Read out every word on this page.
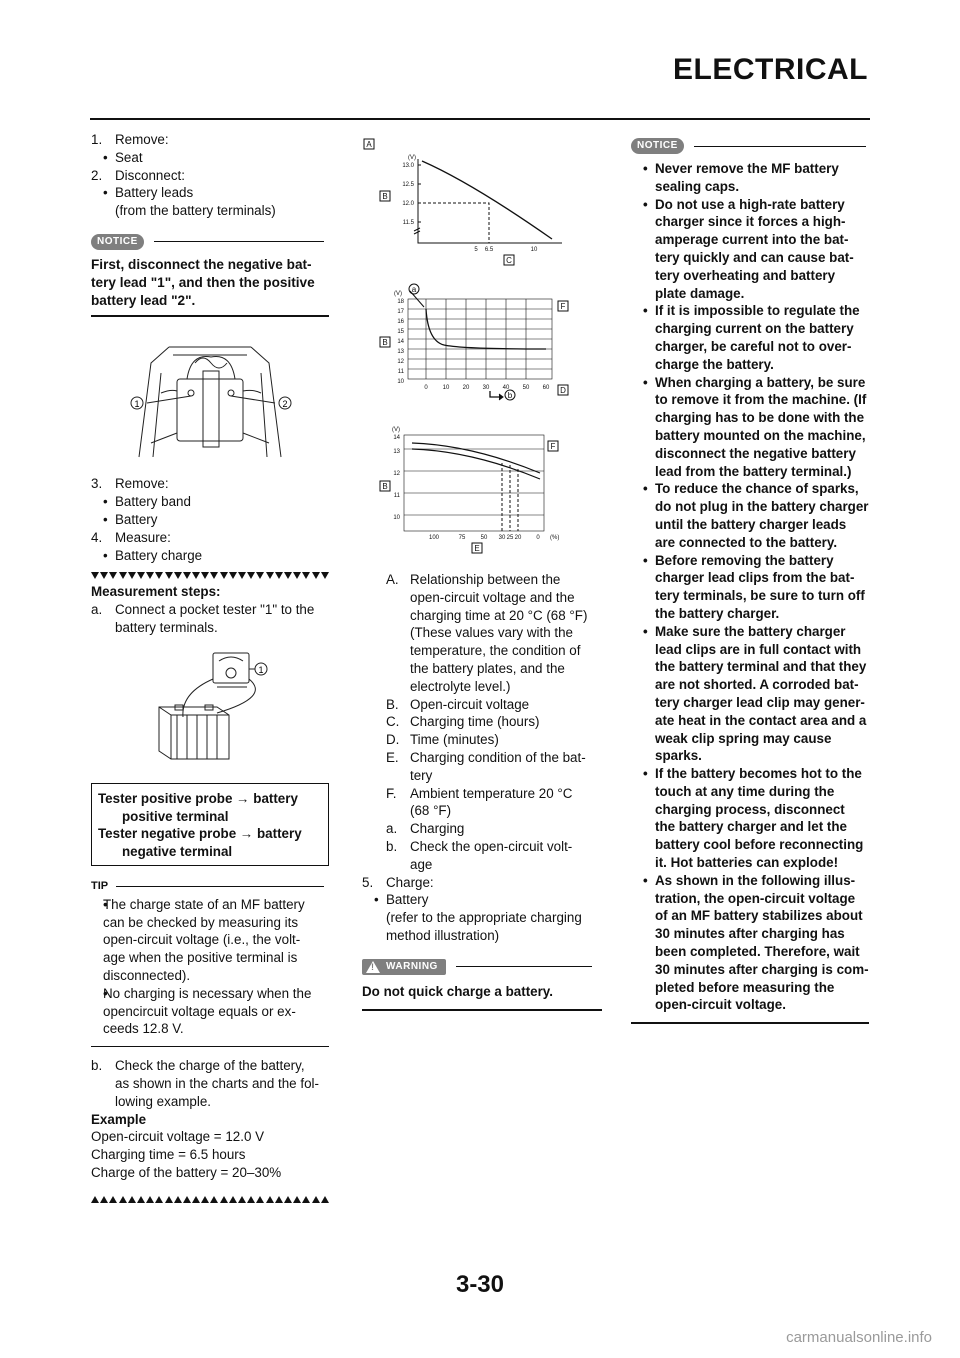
ELECTRICAL
1. Remove:
• Seat
2. Disconnect:
• Battery leads
(from the battery terminals)
NOTICE
First, disconnect the negative bat-
tery lead "1", and then the positive
battery lead "2".
1	2
3. Remove:
• Battery band
• Battery
4. Measure:
• Battery charge
Measurement steps:
a. Connect a pocket tester "1" to the
battery terminals.
1
Tester positive probe → battery
positive terminal
Tester negative probe → battery
negative terminal
TIP
• The charge state of an MF battery
can be checked by measuring its
open-circuit voltage (i.e., the volt-
age when the positive terminal is
disconnected).
• No charging is necessary when the
opencircuit voltage equals or ex-
ceeds 12.8 V.
b. Check the charge of the battery,
as shown in the charts and the fol-
lowing example.
Example
Open-circuit voltage = 12.0 V
Charging time = 6.5 hours
Charge of the battery = 20–30%
A
B
C
(V)
13.0
12.5
12.0
11.5
5 6.5	10
B
F
D
a
b
(V)
18
17
16
15
14
13
12
11
10
0 10 20 30 40 50 60
B
F
E
(V)
14
13
12
11
10
100	75	50 30 25 20 0 (%)
A. Relationship between the
open-circuit voltage and the
charging time at 20 °C (68 °F)
(These values vary with the
temperature, the condition of
the battery plates, and the
electrolyte level.)
B. Open-circuit voltage
C. Charging time (hours)
D. Time (minutes)
E. Charging condition of the bat-
tery
F. Ambient temperature 20 °C
(68 °F)
a. Charging
b. Check the open-circuit volt-
age
5. Charge:
• Battery
(refer to the appropriate charging
method illustration)
!
WARNING
Do not quick charge a battery.
NOTICE
• Never remove the MF battery
sealing caps.
• Do not use a high-rate battery
charger since it forces a high-
amperage current into the bat-
tery quickly and can cause bat-
tery overheating and battery
plate damage.
• If it is impossible to regulate the
charging current on the battery
charger, be careful not to over-
charge the battery.
• When charging a battery, be sure
to remove it from the machine. (If
charging has to be done with the
battery mounted on the machine,
disconnect the negative battery
lead from the battery terminal.)
• To reduce the chance of sparks,
do not plug in the battery charger
until the battery charger leads
are connected to the battery.
• Before removing the battery
charger lead clips from the bat-
tery terminals, be sure to turn off
the battery charger.
• Make sure the battery charger
lead clips are in full contact with
the battery terminal and that they
are not shorted. A corroded bat-
tery charger lead clip may gener-
ate heat in the contact area and a
weak clip spring may cause
sparks.
• If the battery becomes hot to the
touch at any time during the
charging process, disconnect
the battery charger and let the
battery cool before reconnecting
it. Hot batteries can explode!
• As shown in the following illus-
tration, the open-circuit voltage
of an MF battery stabilizes about
30 minutes after charging has
been completed. Therefore, wait
30 minutes after charging is com-
pleted before measuring the
open-circuit voltage.
3-30
carmanualsonline.info
